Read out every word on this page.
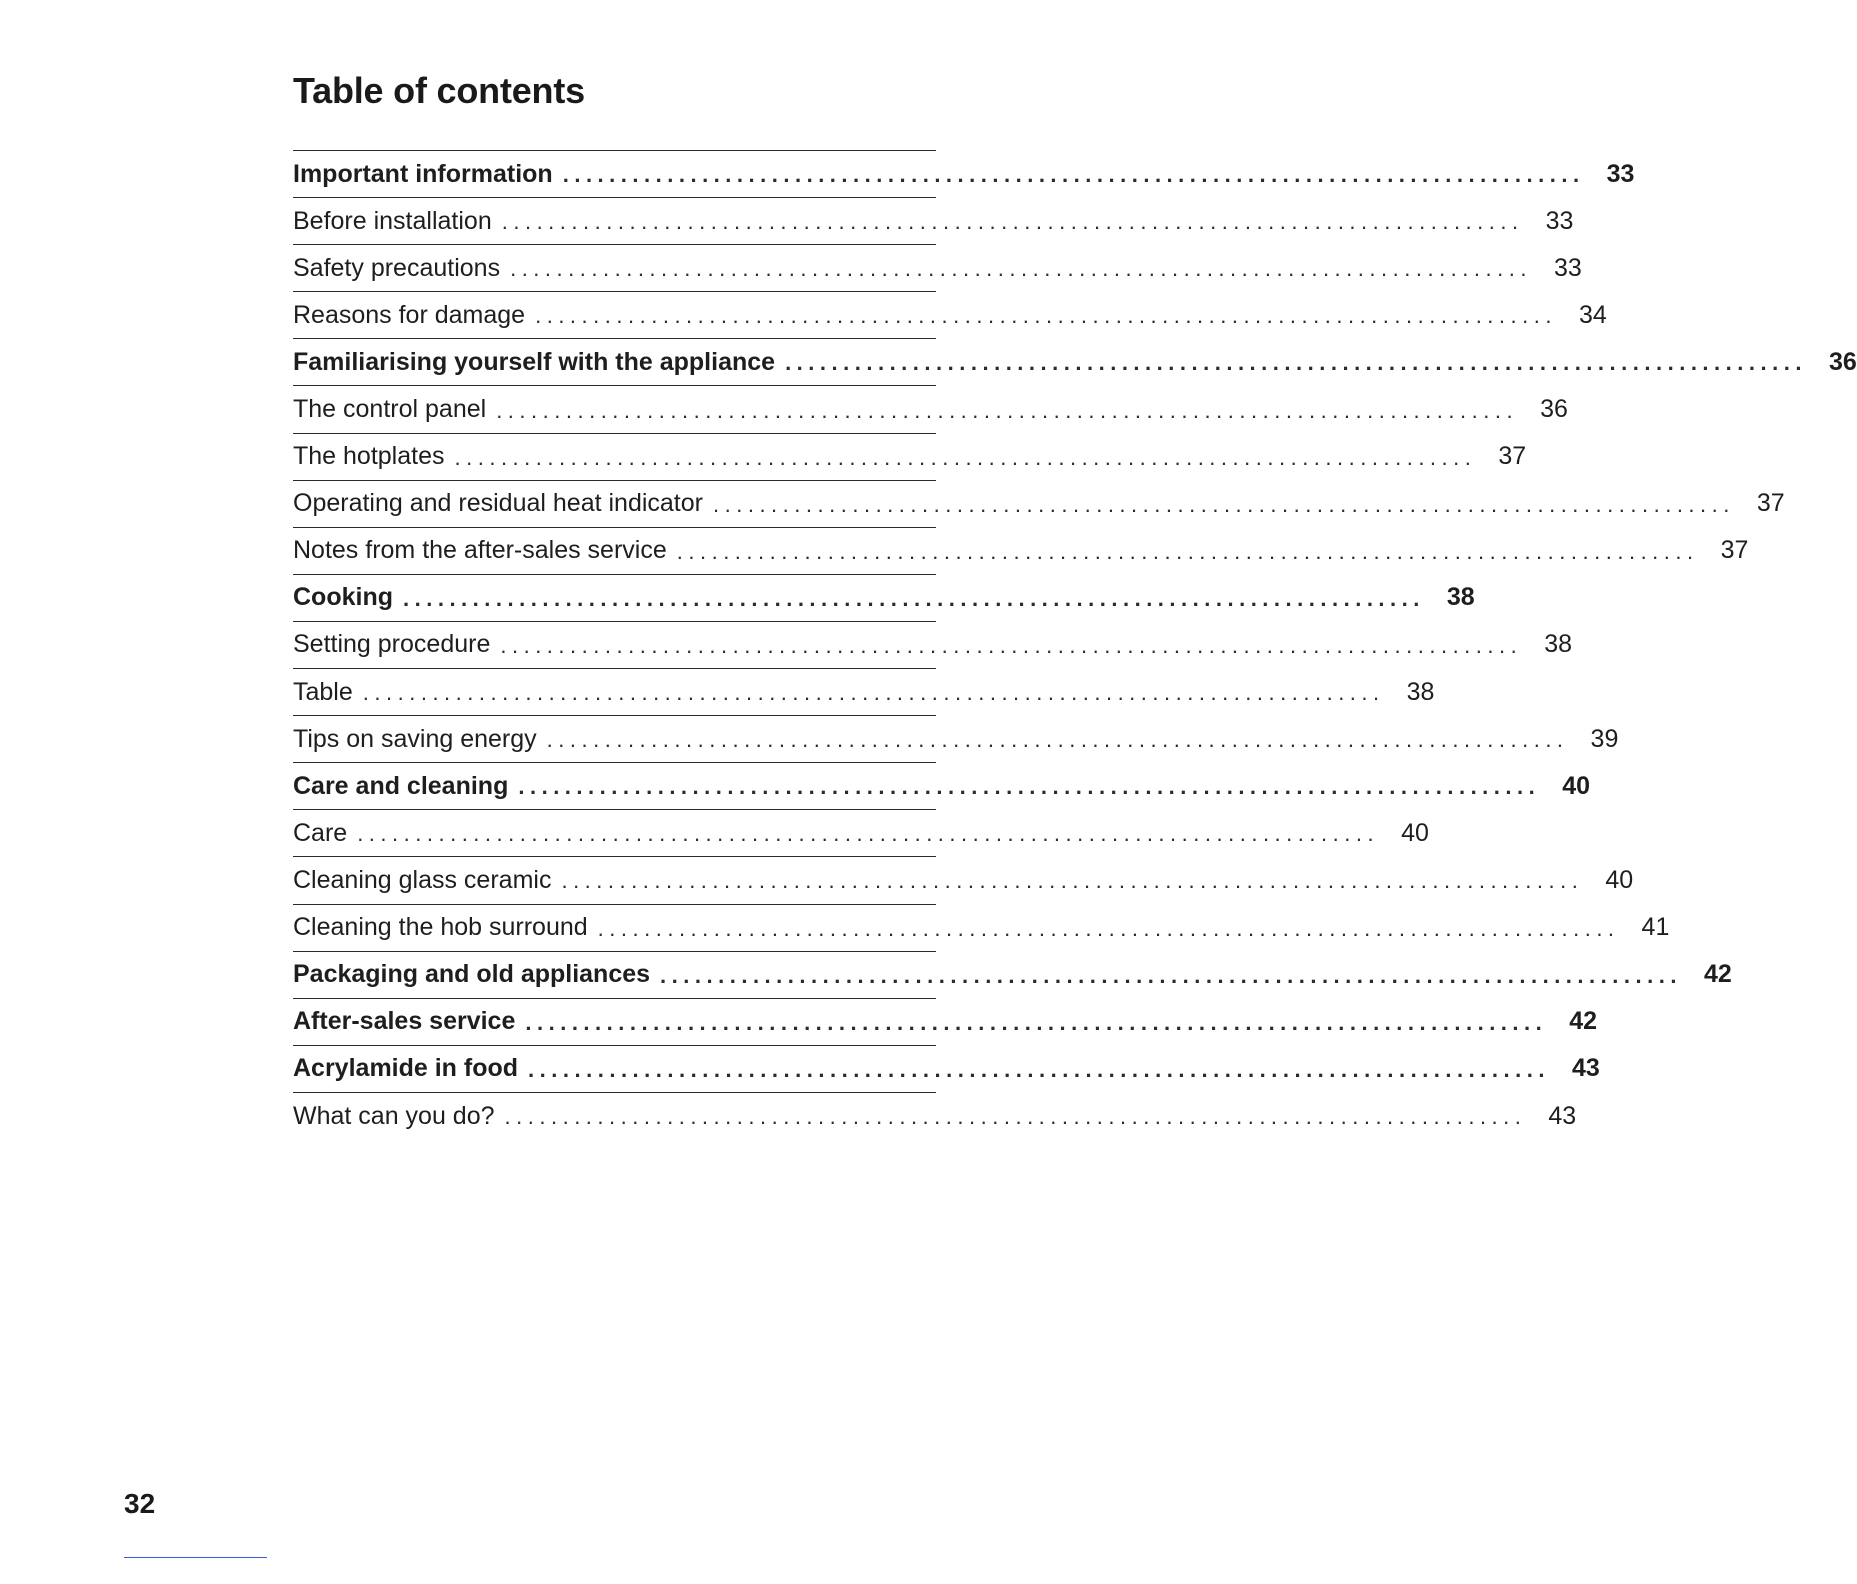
Table of contents
Important information ........................................................................................ 33
Before installation ........................................................................................ 33
Safety precautions ........................................................................................ 33
Reasons for damage ........................................................................................ 34
Familiarising yourself with the appliance ........................................................................................ 36
The control panel ........................................................................................ 36
The hotplates ........................................................................................ 37
Operating and residual heat indicator ........................................................................................ 37
Notes from the after-sales service ........................................................................................ 37
Cooking ........................................................................................ 38
Setting procedure ........................................................................................ 38
Table ........................................................................................ 38
Tips on saving energy ........................................................................................ 39
Care and cleaning ........................................................................................ 40
Care ........................................................................................ 40
Cleaning glass ceramic ........................................................................................ 40
Cleaning the hob surround ........................................................................................ 41
Packaging and old appliances ........................................................................................ 42
After-sales service ........................................................................................ 42
Acrylamide in food ........................................................................................ 43
What can you do? ........................................................................................ 43
32
